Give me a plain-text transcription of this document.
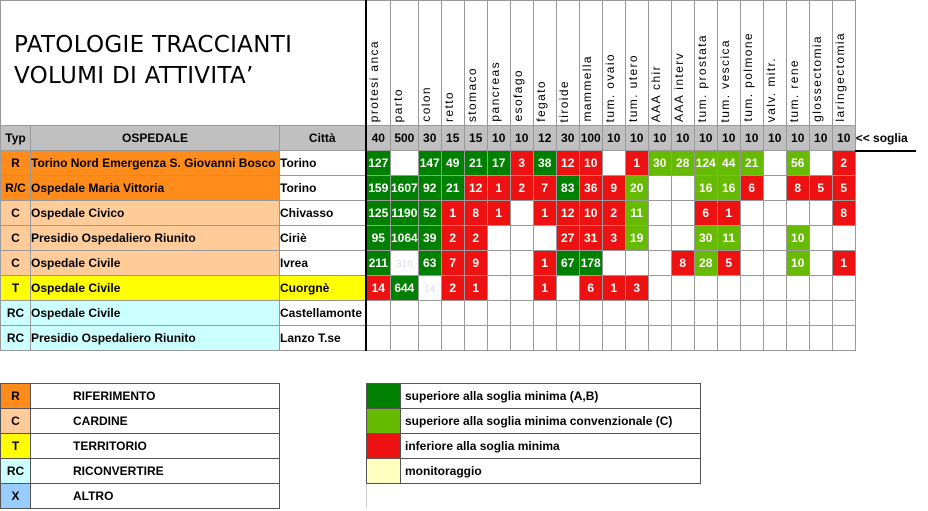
			protesi anca	parto	colon	retto	stomaco	pancreas	esofago	fegato	tiroide	mammella	tum. ovaio	tum. utero	AAA chir	AAA interv	tum. prostata	tum. vescica	tum. polmone	valv. mitr.	tum. rene	glossectomia	laringectomia	
Typ	OSPEDALE	Città	40	500	30	15	15	10	10	12	30	100	10	10	10	10	10	10	10	10	10	10	10	<< soglia
R	Torino Nord Emergenza S. Giovanni Bosco	Torino	127		147	49	21	17	3	38	12	10		1	30	28	124	44	21		56		2	
R/C	Ospedale Maria Vittoria	Torino	159	1607	92	21	12	1	2	7	83	36	9	20			16	16	6		8	5	5	
C	Ospedale Civico	Chivasso	125	1190	52	1	8	1		1	12	10	2	11			6	1					8	
C	Presidio Ospedaliero Riunito	Ciriè	95	1064	39	2	2				27	31	3	19			30	11			10			
C	Ospedale Civile	Ivrea	211	310	63	7	9			1	67	178				8	28	5			10		1	
T	Ospedale Civile	Cuorgnè	14	644	14	2	1			1		6	1	3										
RC	Ospedale Civile	Castellamonte																						
RC	Presidio Ospedaliero Riunito	Lanzo T.se																						
PATOLOGIE TRACCIANTI
VOLUMI DI ATTIVITA’
R	RIFERIMENTO
C	CARDINE
T	TERRITORIO
RC	RICONVERTIRE
X	ALTRO
	superiore alla soglia minima (A,B)
	superiore alla soglia minima convenzionale (C)
	inferiore alla soglia minima
	monitoraggio
